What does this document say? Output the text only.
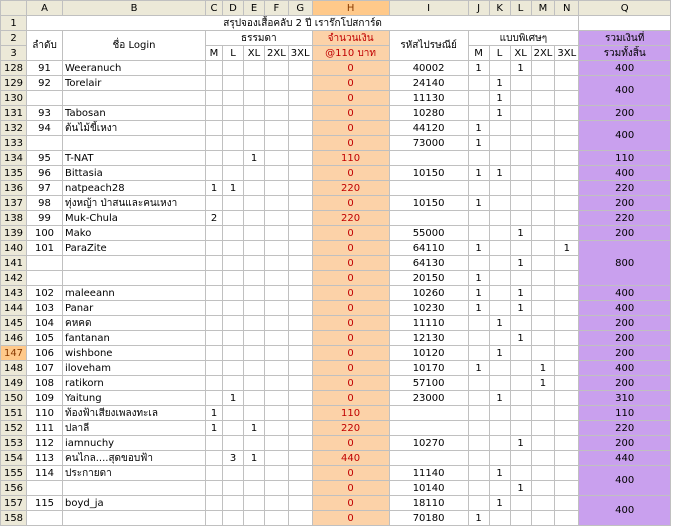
	A	B	C	D	E	F	G	H	I	J	K	L	M	N	Q
1	สรุปจองเสื้อคลับ 2 ปี เราร๊กโปสการ์ด														
2	ลำดับ	ชื่อ Login	ธรรมดา					จำนวนเงิน	รหัสไปรษณีย์	แบบพิเศษๆ					รวมเงินที่
3			M	L	XL	2XL	3XL	@110 บาท		M	L	XL	2XL	3XL	รวมทั้งสิ้น
128	91	Weeranuch						0	40002	1		1			400
129	92	Torelair						0	24140		1				400
130								0	11130		1				
131	93	Tabosan						0	10280		1				200
132	94	ต้นไม้ขี้เหงา						0	44120	1					400
133								0	73000	1					
134	95	T-NAT			1			110							110
135	96	Bittasia						0	10150	1	1				400
136	97	natpeach28	1	1				220							220
137	98	ทุ่งหญ้า ป่าสนและคนเหงา						0	10150	1					200
138	99	Muk-Chula	2					220							220
139	100	Mako						0	55000			1			200
140	101	ParaZite						0	64110	1				1	800
141								0	64130			1			
142								0	20150	1					
143	102	maleeann						0	10260	1		1			400
144	103	Panar						0	10230	1		1			400
145	104	คหคด						0	11110		1				200
146	105	fantanan						0	12130			1			200
147	106	wishbone						0	10120		1				200
148	107	iloveham						0	10170	1			1		400
149	108	ratikorn						0	57100				1		200
150	109	Yaitung		1				0	23000		1				310
151	110	ท้องฟ้าเสียงเพลงทะเล	1					110							110
152	111	ปลาลี	1		1			220							220
153	112	iamnuchy						0	10270			1			200
154	113	คนไกล....สุดขอบฟ้า		3	1			440							440
155	114	ประกายดา						0	11140		1				400
156								0	10140			1			
157	115	boyd_ja						0	18110		1				400
158								0	70180	1					
